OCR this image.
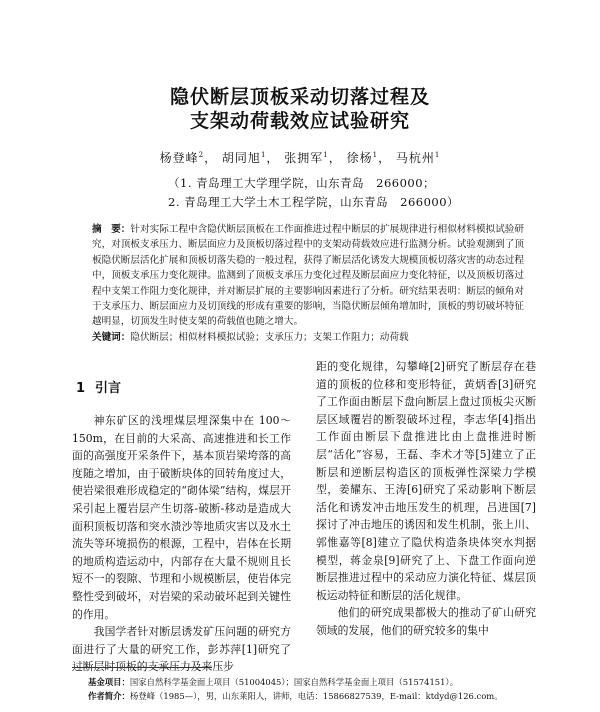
隐伏断层顶板采动切落过程及
支架动荷载效应试验研究
杨登峰$^2$， 胡同旭$^1$， 张拥军$^1$， 徐杨$^1$， 马杭州$^1$
（1. 青岛理工大学理学院，山东青岛　266000；
2. 青岛理工大学土木工程学院，山东青岛　266000）
摘　要：针对实际工程中含隐伏断层顶板在工作面推进过程中断层的扩展规律进行相似材料模拟试验研究，对顶板支承压力、断层面应力及顶板切落过程中的支架动荷载效应进行监测分析。试验观测到了顶板隐伏断层活化扩展和顶板切落失稳的一般过程，获得了断层活化诱发大规模顶板切落灾害的动态过程中，顶板支承压力变化规律。监测到了顶板支承压力变化过程及断层面应力变化特征，以及顶板切落过程中支架工作阻力变化规律，并对断层扩展的主要影响因素进行了分析。研究结果表明：断层的倾角对于支承压力、断层面应力及切顶线的形成有重要的影响，当隐伏断层倾角增加时，顶板的剪切破坏特征越明显，切顶发生时使支架的荷载值也随之增大。
关键词：隐伏断层；相似材料模拟试验；支承压力；支架工作阻力；动荷载
1 引言

神东矿区的浅埋煤层埋深集中在 100～150m，在目前的大采高、高速推进和长工作面的高强度开采条件下，基本顶岩梁垮落的高度随之增加，由于破断块体的回转角度过大，使岩梁很难形成稳定的“砌体梁”结构，煤层开采引起上覆岩层产生切落-破断-移动是造成大面积顶板切落和突水溃沙等地质灾害以及水土流失等环境损伤的根源，工程中，岩体在长期的地质构造运动中，内部存在大量不规则且长短不一的裂隙、节理和小规模断层，使岩体完整性受到破坏，对岩梁的采动破坏起到关键性的作用。

我国学者针对断层诱发矿压问题的研究方面进行了大量的研究工作，彭苏萍[1]研究了过断层时顶板的支承压力及来压步

距的变化规律，勾攀峰[2]研究了断层存在巷道的顶板的位移和变形特征，黄炳香[3]研究了工作面由断层下盘向断层上盘过顶板尖灭断层区域覆岩的断裂破坏过程，李志华[4]指出工作面由断层下盘推进比由上盘推进时断层“活化”容易，王磊、李术才等[5]建立了正断层和逆断层构造区的顶板弹性深梁力学模型，姜耀东、王涛[6]研究了采动影响下断层活化和诱发冲击地压发生的机理，吕进国[7]探讨了冲击地压的诱因和发生机制，张上川、郭惟嘉等[8]建立了隐伏构造条块体突水判据模型，蒋金泉[9]研究了上、下盘工作面向逆断层推进过程中的采动应力演化特征、煤层顶板运动特征和断层的活化规律。

他们的研究成果都极大的推动了矿山研究领域的发展，他们的研究较多的集中

基金项目：国家自然科学基金面上项目（51004045）；国家自然科学基金面上项目（51574151）。
作者简介：杨登峰（1985—），男，山东莱阳人，讲师，电话：15866827539，E-mail：ktdyd@126.com。
